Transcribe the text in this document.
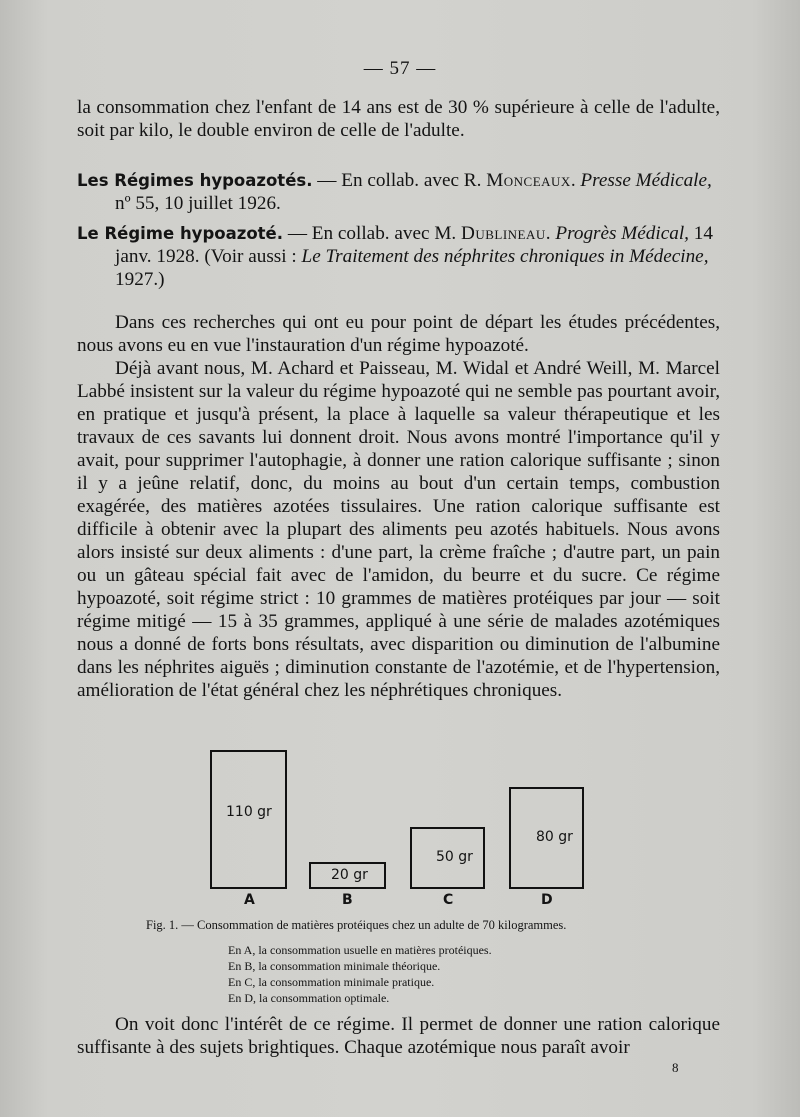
— 57 —
la consommation chez l'enfant de 14 ans est de 30 % supérieure à celle de l'adulte, soit par kilo, le double environ de celle de l'adulte.
Les Régimes hypoazotés. — En collab. avec R. Monceaux. Presse Médicale, nº 55, 10 juillet 1926.
Le Régime hypoazoté. — En collab. avec M. Dublineau. Progrès Médical, 14 janv. 1928. (Voir aussi : Le Traitement des néphrites chroniques in Médecine, 1927.)

Dans ces recherches qui ont eu pour point de départ les études précédentes, nous avons eu en vue l'instauration d'un régime hypoazoté.

Déjà avant nous, M. Achard et Paisseau, M. Widal et André Weill, M. Marcel Labbé insistent sur la valeur du régime hypoazoté qui ne semble pas pourtant avoir, en pratique et jusqu'à présent, la place à laquelle sa valeur thérapeutique et les travaux de ces savants lui donnent droit. Nous avons montré l'importance qu'il y avait, pour supprimer l'autophagie, à donner une ration calorique suffisante ; sinon il y a jeûne relatif, donc, du moins au bout d'un certain temps, combustion exagérée, des matières azotées tissulaires. Une ration calorique suffisante est difficile à obtenir avec la plupart des aliments peu azotés habituels. Nous avons alors insisté sur deux aliments : d'une part, la crème fraîche ; d'autre part, un pain ou un gâteau spécial fait avec de l'amidon, du beurre et du sucre. Ce régime hypoazoté, soit régime strict : 10 grammes de matières protéiques par jour — soit régime mitigé — 15 à 35 grammes, appliqué à une série de malades azotémiques nous a donné de forts bons résultats, avec disparition ou diminution de l'albumine dans les néphrites aiguës ; diminution constante de l'azotémie, et de l'hypertension, amélioration de l'état général chez les néphrétiques chroniques.

110 gr
A
20 gr
B
50 gr
C
80 gr
D
Fig. 1. — Consommation de matières protéiques chez un adulte de 70 kilogrammes.
En A, la consommation usuelle en matières protéiques.
En B, la consommation minimale théorique.
En C, la consommation minimale pratique.
En D, la consommation optimale.

On voit donc l'intérêt de ce régime. Il permet de donner une ration calorique suffisante à des sujets brightiques. Chaque azotémique nous paraît avoir

8
